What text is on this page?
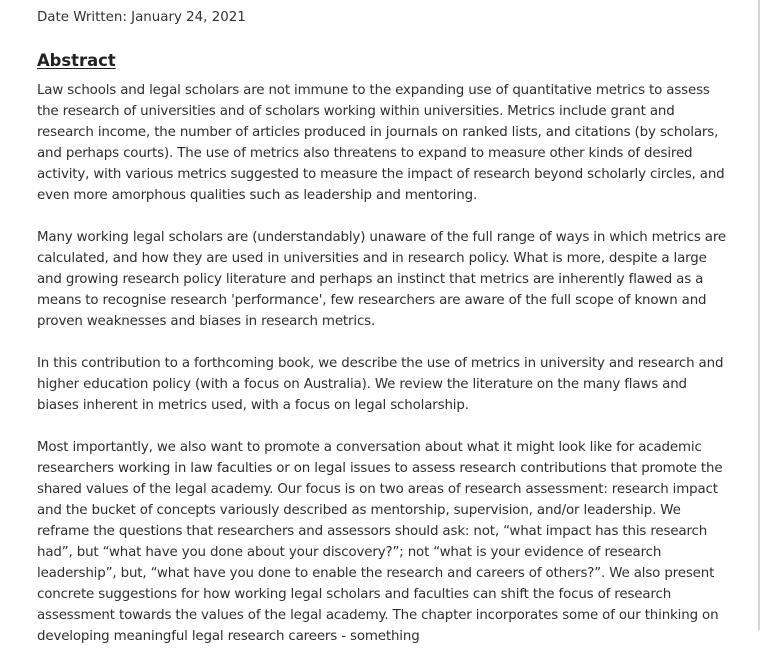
Date Written: January 24, 2021
Abstract

Law schools and legal scholars are not immune to the expanding use of quantitative metrics to assess the research of universities and of scholars working within universities. Metrics include grant and research income, the number of articles produced in journals on ranked lists, and citations (by scholars, and perhaps courts). The use of metrics also threatens to expand to measure other kinds of desired activity, with various metrics suggested to measure the impact of research beyond scholarly circles, and even more amorphous qualities such as leadership and mentoring.

Many working legal scholars are (understandably) unaware of the full range of ways in which metrics are calculated, and how they are used in universities and in research policy. What is more, despite a large and growing research policy literature and perhaps an instinct that metrics are inherently flawed as a means to recognise research 'performance', few researchers are aware of the full scope of known and proven weaknesses and biases in research metrics.

In this contribution to a forthcoming book, we describe the use of metrics in university and research and higher education policy (with a focus on Australia). We review the literature on the many flaws and biases inherent in metrics used, with a focus on legal scholarship.

Most importantly, we also want to promote a conversation about what it might look like for academic researchers working in law faculties or on legal issues to assess research contributions that promote the shared values of the legal academy. Our focus is on two areas of research assessment: research impact and the bucket of concepts variously described as mentorship, supervision, and/or leadership. We reframe the questions that researchers and assessors should ask: not, “what impact has this research had”, but “what have you done about your discovery?”; not “what is your evidence of research leadership”, but, “what have you done to enable the research and careers of others?”. We also present concrete suggestions for how working legal scholars and faculties can shift the focus of research assessment towards the values of the legal academy. The chapter incorporates some of our thinking on developing meaningful legal research careers - something
